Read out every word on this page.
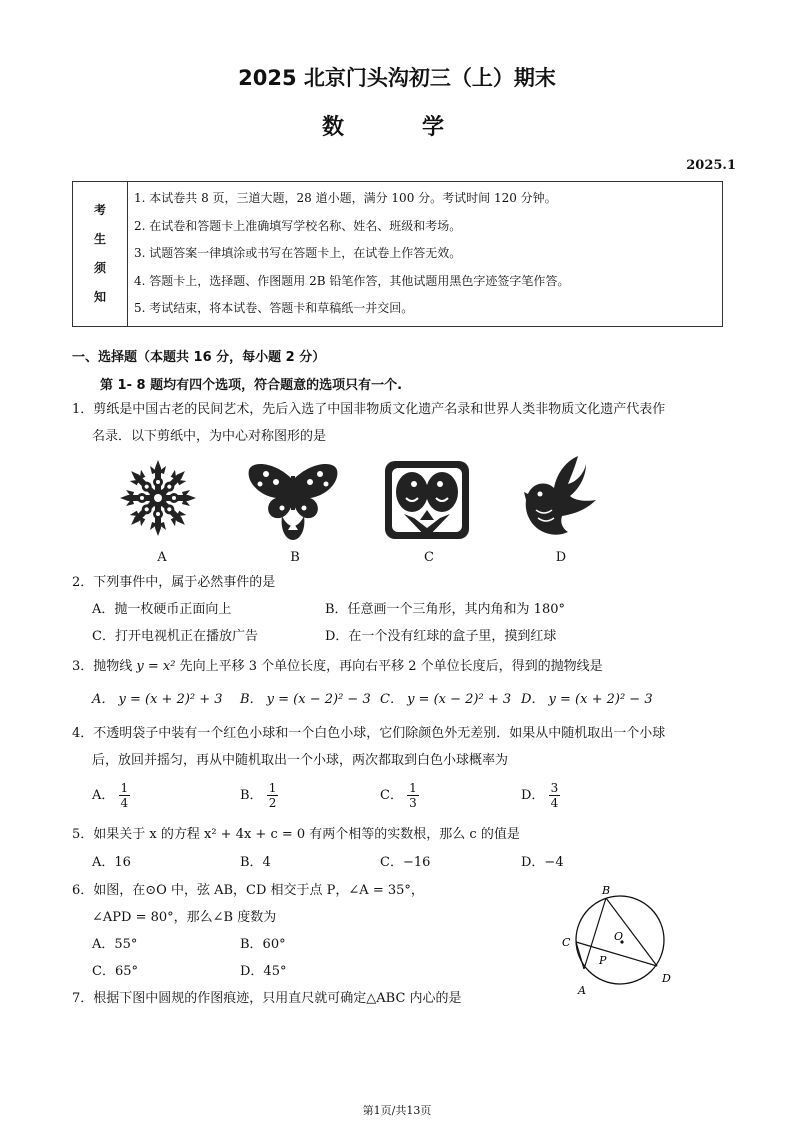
2025 北京门头沟初三（上）期末
数　学
2025.1
考
生
须
知

1. 本试卷共 8 页，三道大题，28 道小题，满分 100 分。考试时间 120 分钟。
2. 在试卷和答题卡上准确填写学校名称、姓名、班级和考场。
3. 试题答案一律填涂或书写在答题卡上，在试卷上作答无效。
4. 答题卡上，选择题、作图题用 2B 铅笔作答，其他试题用黑色字迹签字笔作答。
5. 考试结束，将本试卷、答题卡和草稿纸一并交回。
一、选择题（本题共 16 分，每小题 2 分）
第 1- 8 题均有四个选项，符合题意的选项只有一个.
1．剪纸是中国古老的民间艺术，先后入选了中国非物质文化遗产名录和世界人类非物质文化遗产代表作
名录．以下剪纸中，为中心对称图形的是
A	B	C	D
2．下列事件中，属于必然事件的是
A．抛一枚硬币正面向上	B．任意画一个三角形，其内角和为 180°
C．打开电视机正在播放广告	D．在一个没有红球的盒子里，摸到红球
3．抛物线 y = x² 先向上平移 3 个单位长度，再向右平移 2 个单位长度后，得到的抛物线是
A． y = (x + 2)² + 3 B． y = (x − 2)² − 3 C． y = (x − 2)² + 3 D． y = (x + 2)² − 3
4．不透明袋子中装有一个红色小球和一个白色小球，它们除颜色外无差别．如果从中随机取出一个小球
后，放回并摇匀，再从中随机取出一个小球，两次都取到白色小球概率为
A． $\frac{1}{4}$	B． $\frac{1}{2}$	C． $\frac{1}{3}$	D． $\frac{3}{4}$
5．如果关于 x 的方程 x² + 4x + c = 0 有两个相等的实数根，那么 c 的值是
A．16	B．4	C．−16	D．−4
6．如图，在⊙O 中，弦 AB，CD 相交于点 P，∠A = 35°，
∠APD = 80°，那么∠B 度数为
A．55°	B．60°
C．65°	D．45°
B
C	O
P
A
D
7．根据下图中圆规的作图痕迹，只用直尺就可确定△ABC 内心的是
第1页/共13页
